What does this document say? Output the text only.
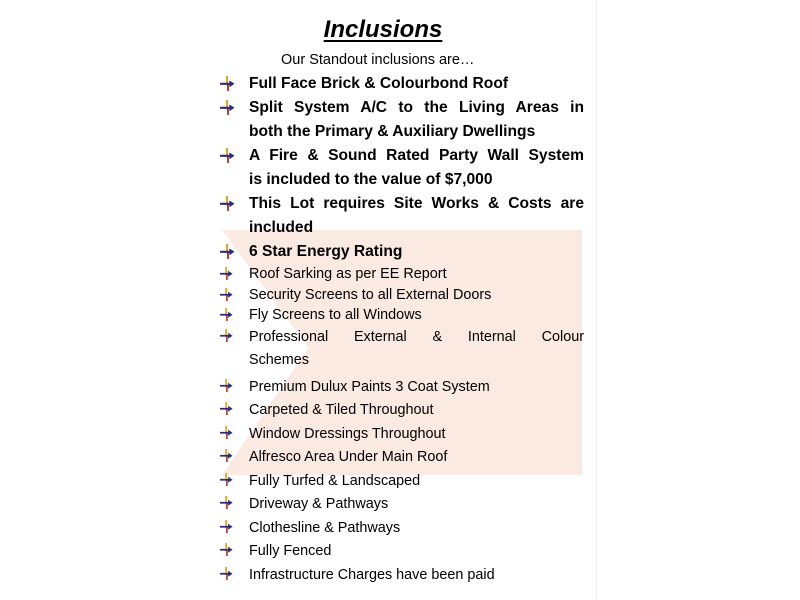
Inclusions
Our Standout inclusions are…
Full Face Brick & Colourbond Roof
Split System A/C to the Living Areas in
both the Primary & Auxiliary Dwellings
A Fire & Sound Rated Party Wall System
is included to the value of $7,000
This Lot requires Site Works & Costs are
included
6 Star Energy Rating
Roof Sarking as per EE Report
Security Screens to all External Doors
Fly Screens to all Windows
Professional External & Internal Colour
Schemes
Premium Dulux Paints 3 Coat System
Carpeted & Tiled Throughout
Window Dressings Throughout
Alfresco Area Under Main Roof
Fully Turfed & Landscaped
Driveway & Pathways
Clothesline & Pathways
Fully Fenced
Infrastructure Charges have been paid
